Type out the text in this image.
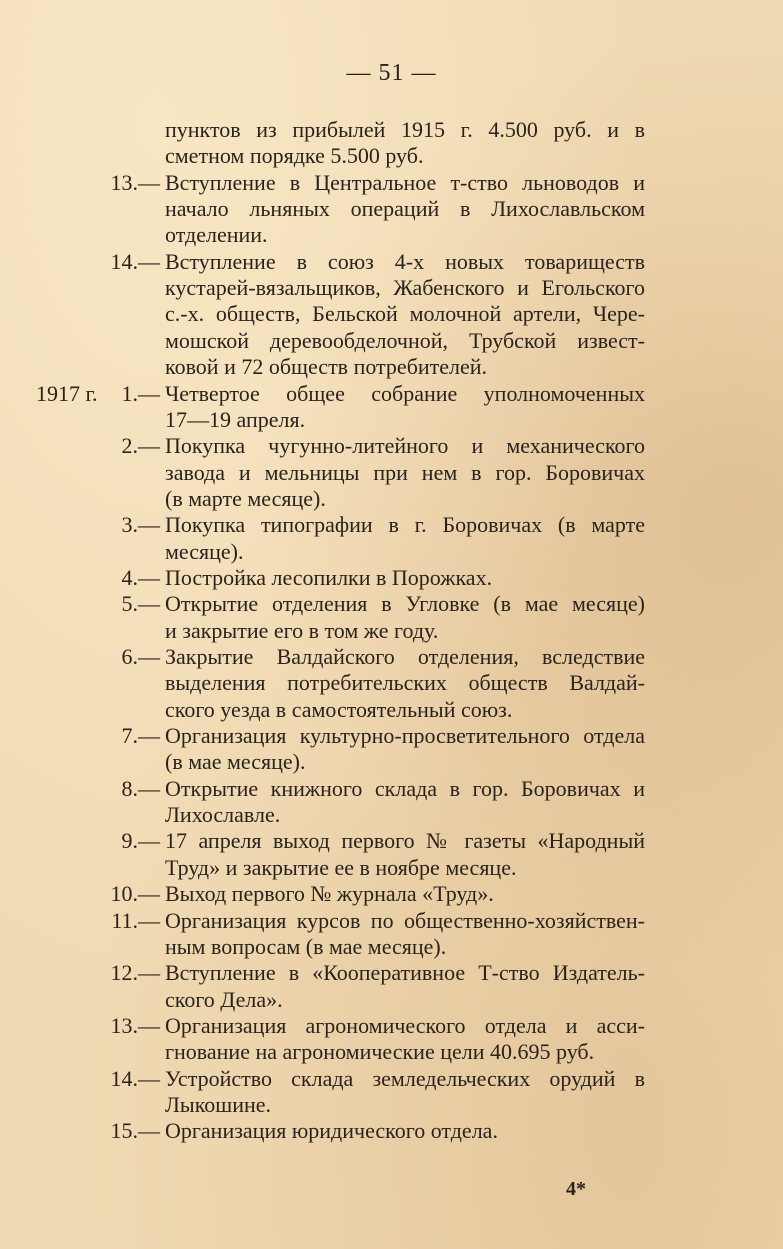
— 51 —
пунктов из прибылей 1915 г. 4.500 руб. и в
сметном порядке 5.500 руб.
13.— Вступление в Центральное т-ство льноводов и
начало льняных операций в Лихославльском
отделении.
14.— Вступление в союз 4-х новых товариществ
кустарей-вязальщиков, Жабенского и Егольского
с.-х. обществ, Бельской молочной артели, Чере-
мошской деревообделочной, Трубской извест-
ковой и 72 обществ потребителей.
1917 г.	1.— Четвертое общее собрание уполномоченных
17—19 апреля.
2.— Покупка чугунно-литейного и механического
завода и мельницы при нем в гор. Боровичах
(в марте месяце).
3.— Покупка типографии в г. Боровичах (в марте
месяце).
4.— Постройка лесопилки в Порожках.
5.— Открытие отделения в Угловке (в мае месяце)
и закрытие его в том же году.
6.— Закрытие Валдайского отделения, вследствие
выделения потребительских обществ Валдай-
ского уезда в самостоятельный союз.
7.— Организация культурно-просветительного отдела
(в мае месяце).
8.— Открытие книжного склада в гор. Боровичах и
Лихославле.
9.— 17 апреля выход первого № газеты «Народный
Труд» и закрытие ее в ноябре месяце.
10.— Выход первого № журнала «Труд».
11.— Организация курсов по общественно-хозяйствен-
ным вопросам (в мае месяце).
12.— Вступление в «Кооперативное Т-ство Издатель-
ского Дела».
13.— Организация агрономического отдела и асси-
гнование на агрономические цели 40.695 руб.
14.— Устройство склада земледельческих орудий в
Лыкошине.
15.— Организация юридического отдела.
4*
